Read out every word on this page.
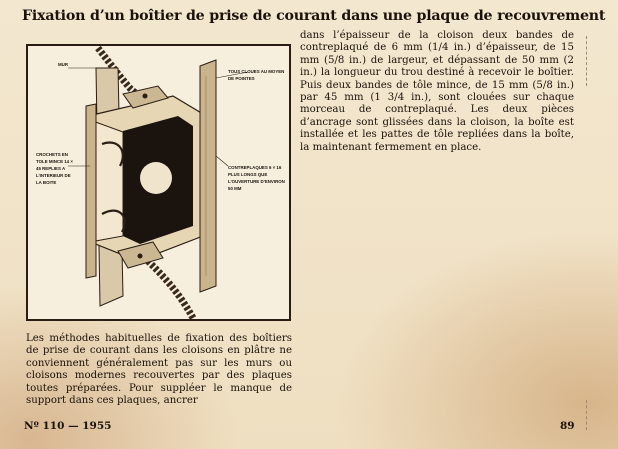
Fixation d’un boîtier de prise de courant dans une plaque de recouvrement
MUR
CROCHETS EN TOLE MINCE 14 × 45 REPLIES A L’INTERIEUR DE LA BOITE
TOUS CLOUES AU MOYEN DE POINTES
CONTREPLAQUES 6 × 16 PLUS LONGS QUE L’OUVERTURE D’ENVIRON 50 MM
dans l’épaisseur de la cloison deux bandes de contreplaqué de 6 mm (1/4 in.) d’épaisseur, de 15 mm (5/8 in.) de largeur, et dépassant de 50 mm (2 in.) la longueur du trou destiné à recevoir le boîtier. Puis deux bandes de tôle mince, de 15 mm (5/8 in.) par 45 mm (1 3/4 in.), sont clouées sur chaque morceau de contreplaqué. Les deux pièces d’ancrage sont glissées dans la cloison, la boîte est installée et les pattes de tôle repliées dans la boîte, la maintenant fermement en place.
Les méthodes habituelles de fixation des boîtiers de prise de courant dans les cloisons en plâtre ne conviennent généralement pas sur les murs ou cloisons modernes recouvertes par des plaques toutes préparées. Pour suppléer le manque de support dans ces plaques, ancrer
Nº 110 — 1955	89
